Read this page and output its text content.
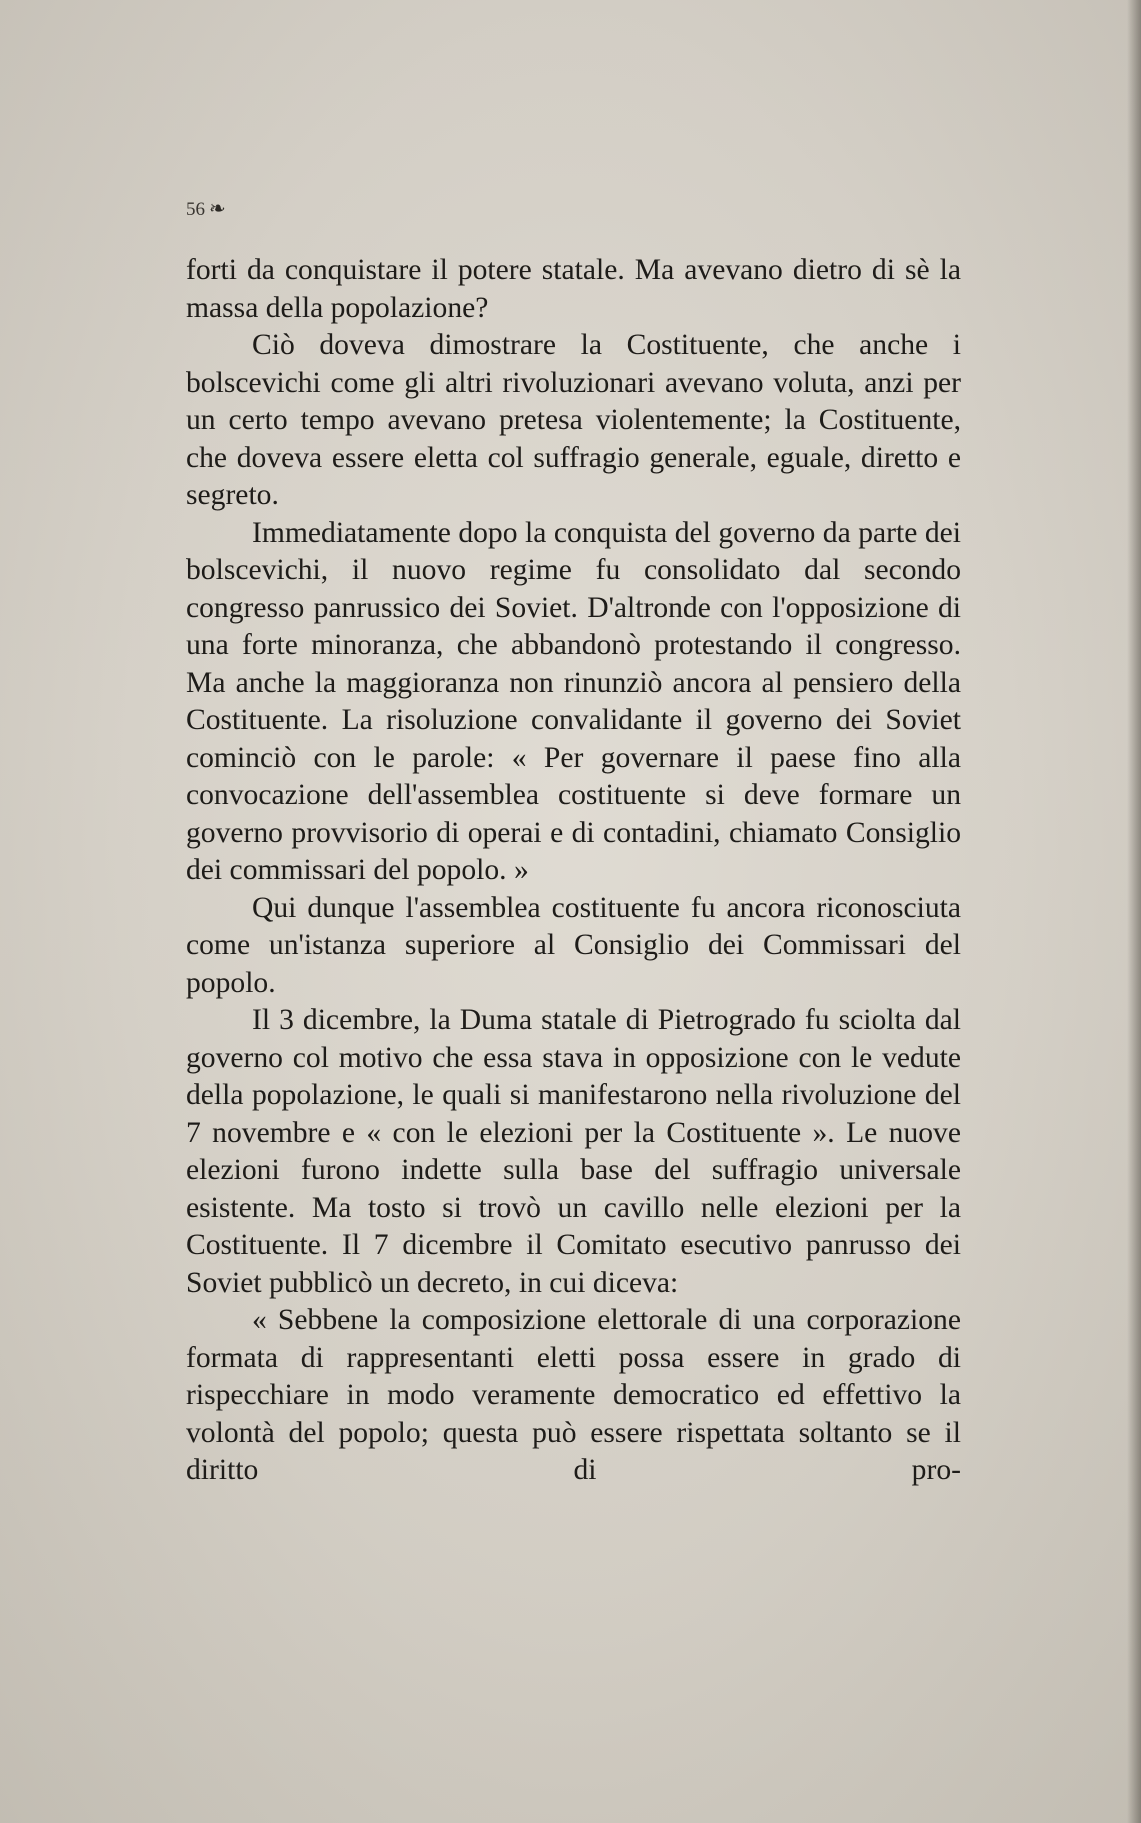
56 ❧

forti da conquistare il potere statale. Ma avevano dietro di sè la massa della popolazione?

Ciò doveva dimostrare la Costituente, che anche i bolscevichi come gli altri rivoluzionari avevano voluta, anzi per un certo tempo avevano pretesa violentemente; la Costituente, che doveva essere eletta col suffragio generale, eguale, diretto e segreto.

Immediatamente dopo la conquista del governo da parte dei bolscevichi, il nuovo regime fu consolidato dal secondo congresso panrussico dei Soviet. D'altronde con l'opposizione di una forte minoranza, che abbandonò protestando il congresso. Ma anche la maggioranza non rinunziò ancora al pensiero della Costituente. La risoluzione convalidante il governo dei Soviet cominciò con le parole: « Per governare il paese fino alla convocazione dell'assemblea costituente si deve formare un governo provvisorio di operai e di contadini, chiamato Consiglio dei commissari del popolo. »

Qui dunque l'assemblea costituente fu ancora riconosciuta come un'istanza superiore al Consiglio dei Commissari del popolo.

Il 3 dicembre, la Duma statale di Pietrogrado fu sciolta dal governo col motivo che essa stava in opposizione con le vedute della popolazione, le quali si manifestarono nella rivoluzione del 7 novembre e « con le elezioni per la Costituente ». Le nuove elezioni furono indette sulla base del suffragio universale esistente. Ma tosto si trovò un cavillo nelle elezioni per la Costituente. Il 7 dicembre il Comitato esecutivo panrusso dei Soviet pubblicò un decreto, in cui diceva:

« Sebbene la composizione elettorale di una corporazione formata di rappresentanti eletti possa essere in grado di rispecchiare in modo veramente democratico ed effettivo la volontà del popolo; questa può essere rispettata soltanto se il diritto di pro-
